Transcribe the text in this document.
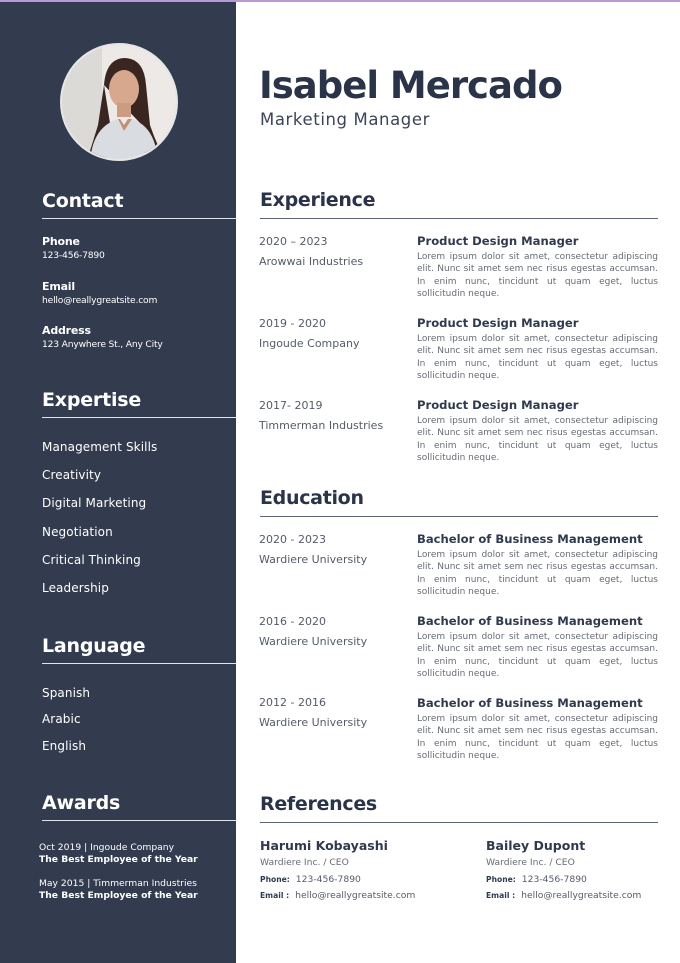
Contact
Phone
123-456-7890
Email
hello@reallygreatsite.com
Address
123 Anywhere St., Any City
Expertise
Management Skills
Creativity
Digital Marketing
Negotiation
Critical Thinking
Leadership
Language
Spanish
Arabic
English
Awards
Oct 2019 | Ingoude Company
The Best Employee of the Year
May 2015 | Timmerman Industries
The Best Employee of the Year
Isabel Mercado
Marketing Manager
Experience
2020 – 2023
Arowwai Industries
Product Design Manager
Lorem ipsum dolor sit amet, consectetur adipiscing elit. Nunc sit amet sem nec risus egestas accumsan. In enim nunc, tincidunt ut quam eget, luctus sollicitudin neque.
2019 - 2020
Ingoude Company
Product Design Manager
Lorem ipsum dolor sit amet, consectetur adipiscing elit. Nunc sit amet sem nec risus egestas accumsan. In enim nunc, tincidunt ut quam eget, luctus sollicitudin neque.
2017- 2019
Timmerman Industries
Product Design Manager
Lorem ipsum dolor sit amet, consectetur adipiscing elit. Nunc sit amet sem nec risus egestas accumsan. In enim nunc, tincidunt ut quam eget, luctus sollicitudin neque.
Education
2020 - 2023
Wardiere University
Bachelor of Business Management
Lorem ipsum dolor sit amet, consectetur adipiscing elit. Nunc sit amet sem nec risus egestas accumsan. In enim nunc, tincidunt ut quam eget, luctus sollicitudin neque.
2016 - 2020
Wardiere University
Bachelor of Business Management
Lorem ipsum dolor sit amet, consectetur adipiscing elit. Nunc sit amet sem nec risus egestas accumsan. In enim nunc, tincidunt ut quam eget, luctus sollicitudin neque.
2012 - 2016
Wardiere University
Bachelor of Business Management
Lorem ipsum dolor sit amet, consectetur adipiscing elit. Nunc sit amet sem nec risus egestas accumsan. In enim nunc, tincidunt ut quam eget, luctus sollicitudin neque.
References
Harumi Kobayashi
Wardiere Inc. / CEO
Phone: 123-456-7890
Email : hello@reallygreatsite.com
Bailey Dupont
Wardiere Inc. / CEO
Phone: 123-456-7890
Email : hello@reallygreatsite.com
